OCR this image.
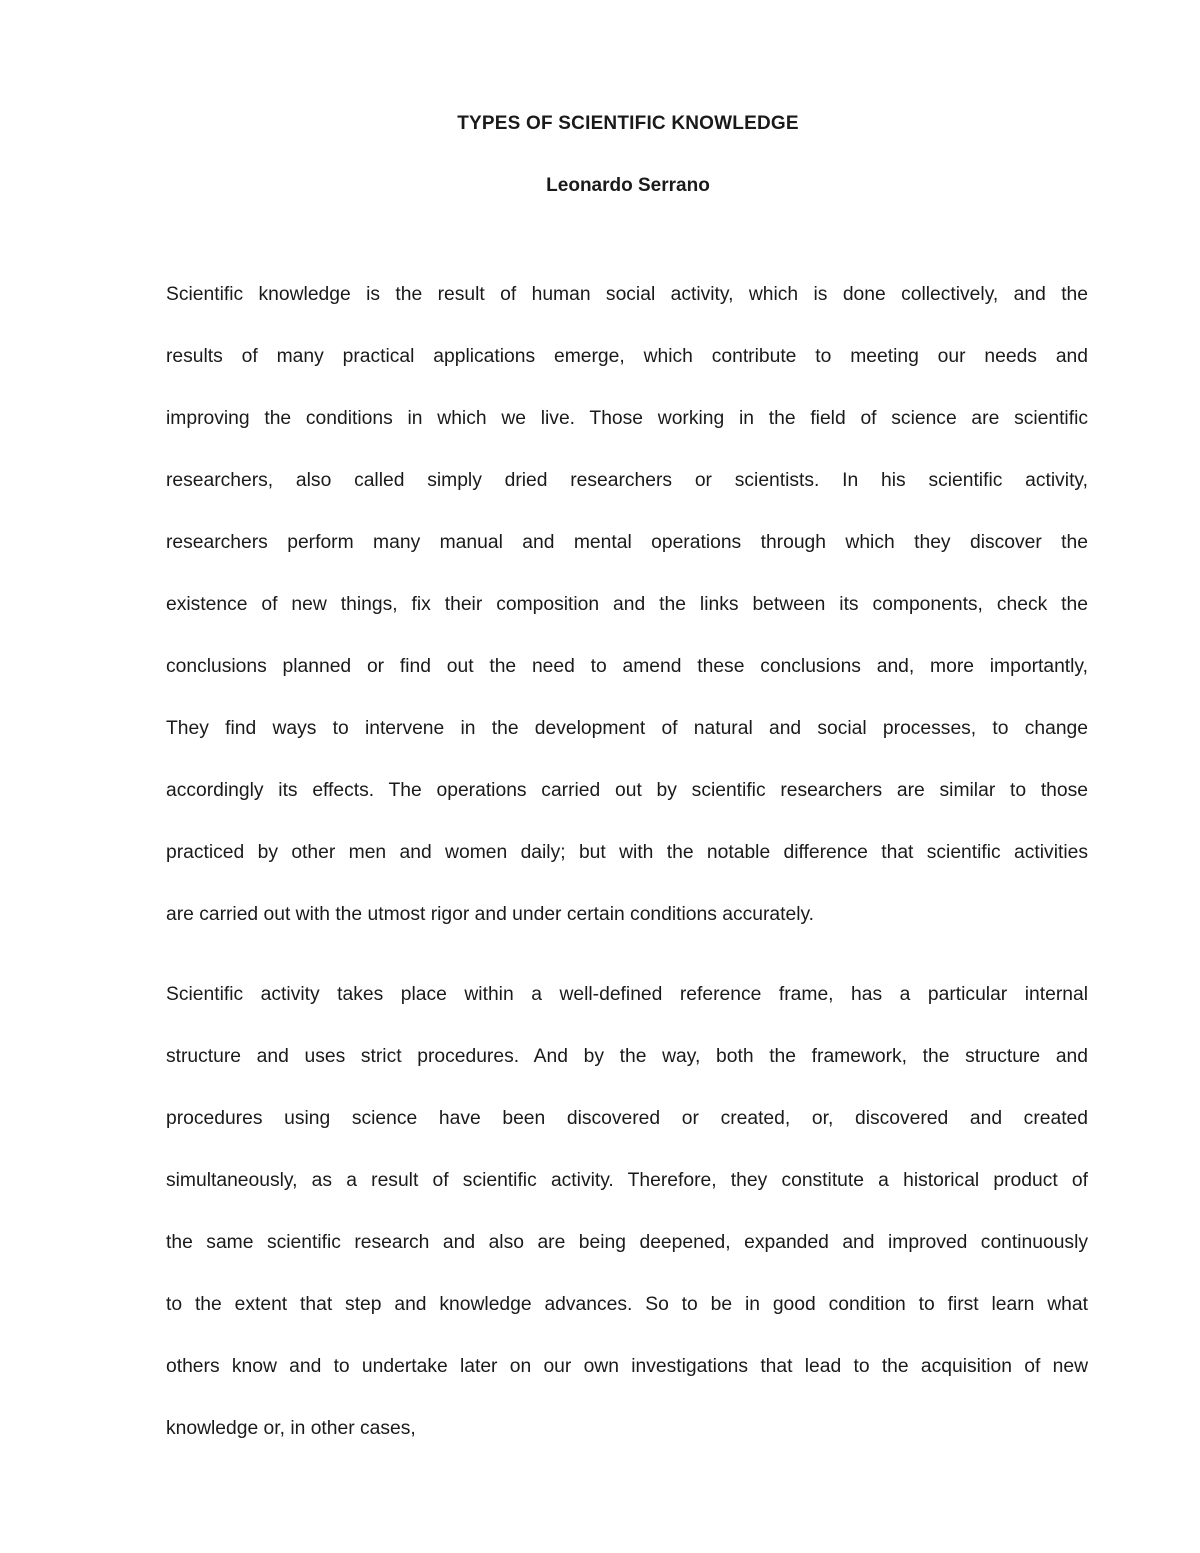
TYPES OF SCIENTIFIC KNOWLEDGE
Leonardo Serrano
Scientific knowledge is the result of human social activity, which is done collectively, and the
results of many practical applications emerge, which contribute to meeting our needs and
improving the conditions in which we live. Those working in the field of science are scientific
researchers, also called simply dried researchers or scientists. In his scientific activity,
researchers perform many manual and mental operations through which they discover the
existence of new things, fix their composition and the links between its components, check the
conclusions planned or find out the need to amend these conclusions and, more importantly,
They find ways to intervene in the development of natural and social processes, to change
accordingly its effects. The operations carried out by scientific researchers are similar to those
practiced by other men and women daily; but with the notable difference that scientific activities
are carried out with the utmost rigor and under certain conditions accurately.
Scientific activity takes place within a well-defined reference frame, has a particular internal
structure and uses strict procedures. And by the way, both the framework, the structure and
procedures using science have been discovered or created, or, discovered and created
simultaneously, as a result of scientific activity. Therefore, they constitute a historical product of
the same scientific research and also are being deepened, expanded and improved continuously
to the extent that step and knowledge advances. So to be in good condition to first learn what
others know and to undertake later on our own investigations that lead to the acquisition of new
knowledge or, in other cases,
